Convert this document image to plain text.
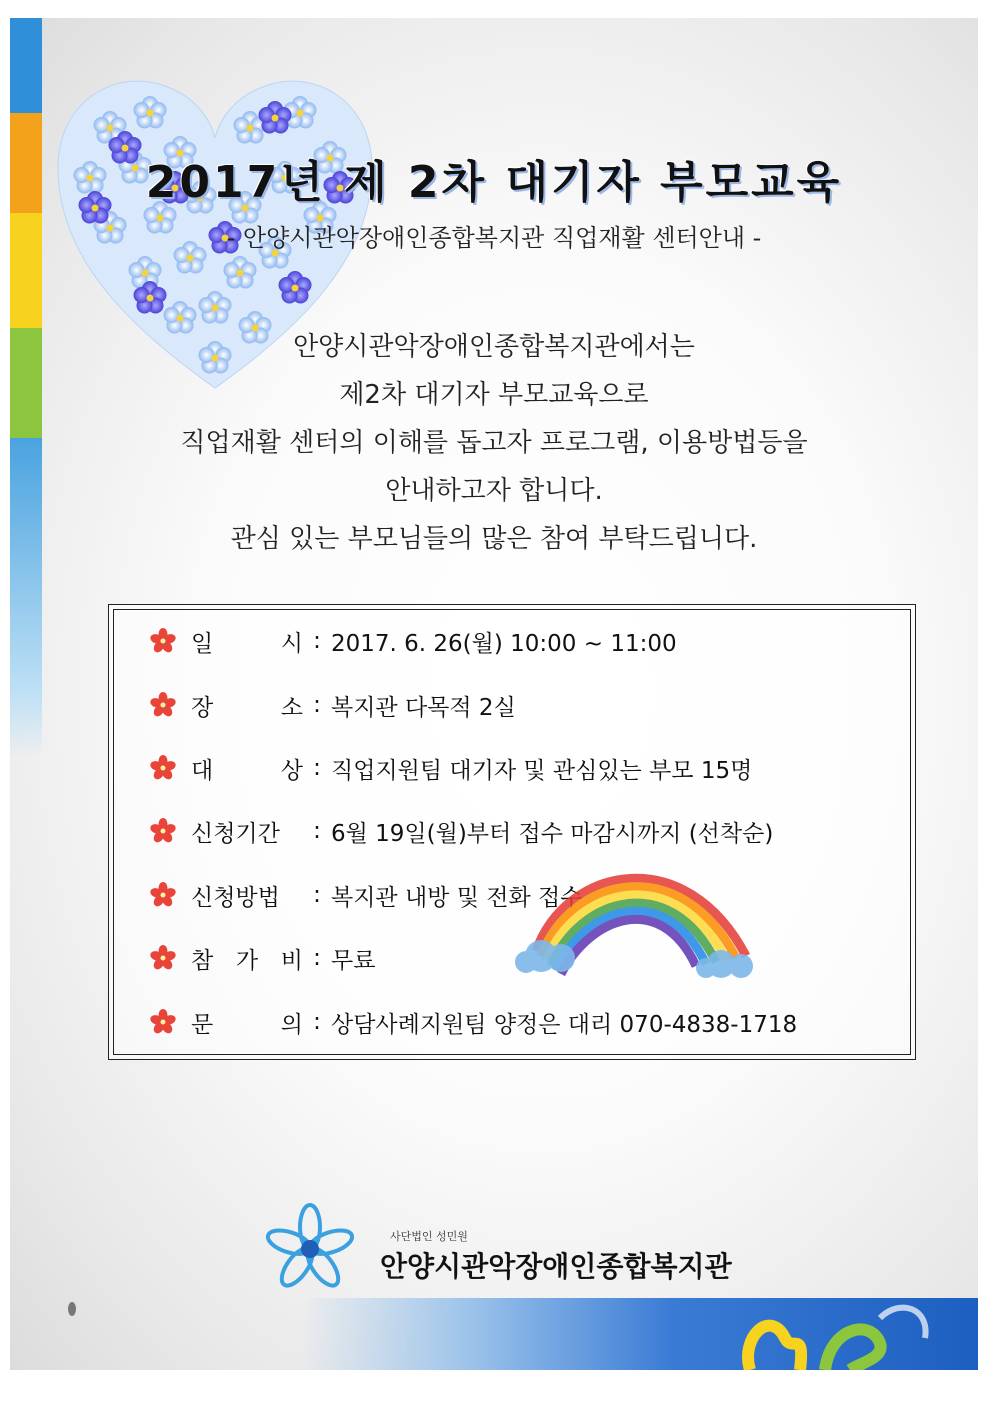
2017년 제 2차 대기자 부모교육
- 안양시관악장애인종합복지관 직업재활 센터안내 -
안양시관악장애인종합복지관에서는
제2차 대기자 부모교육으로
직업재활 센터의 이해를 돕고자 프로그램, 이용방법등을
안내하고자 합니다.
관심 있는 부모님들의 많은 참여 부탁드립니다.
일 시 : 2017. 6. 26(월) 10:00 ~ 11:00
장 소 : 복지관 다목적 2실
대 상 : 직업지원팀 대기자 및 관심있는 부모 15명
신청기간	: 6월 19일(월)부터 접수 마감시까지 (선착순)
신청방법	: 복지관 내방 및 전화 접수
참 가 비 : 무료
문 의 : 상담사례지원팀 양정은 대리 070-4838-1718
사단법인 성민원
안양시관악장애인종합복지관
